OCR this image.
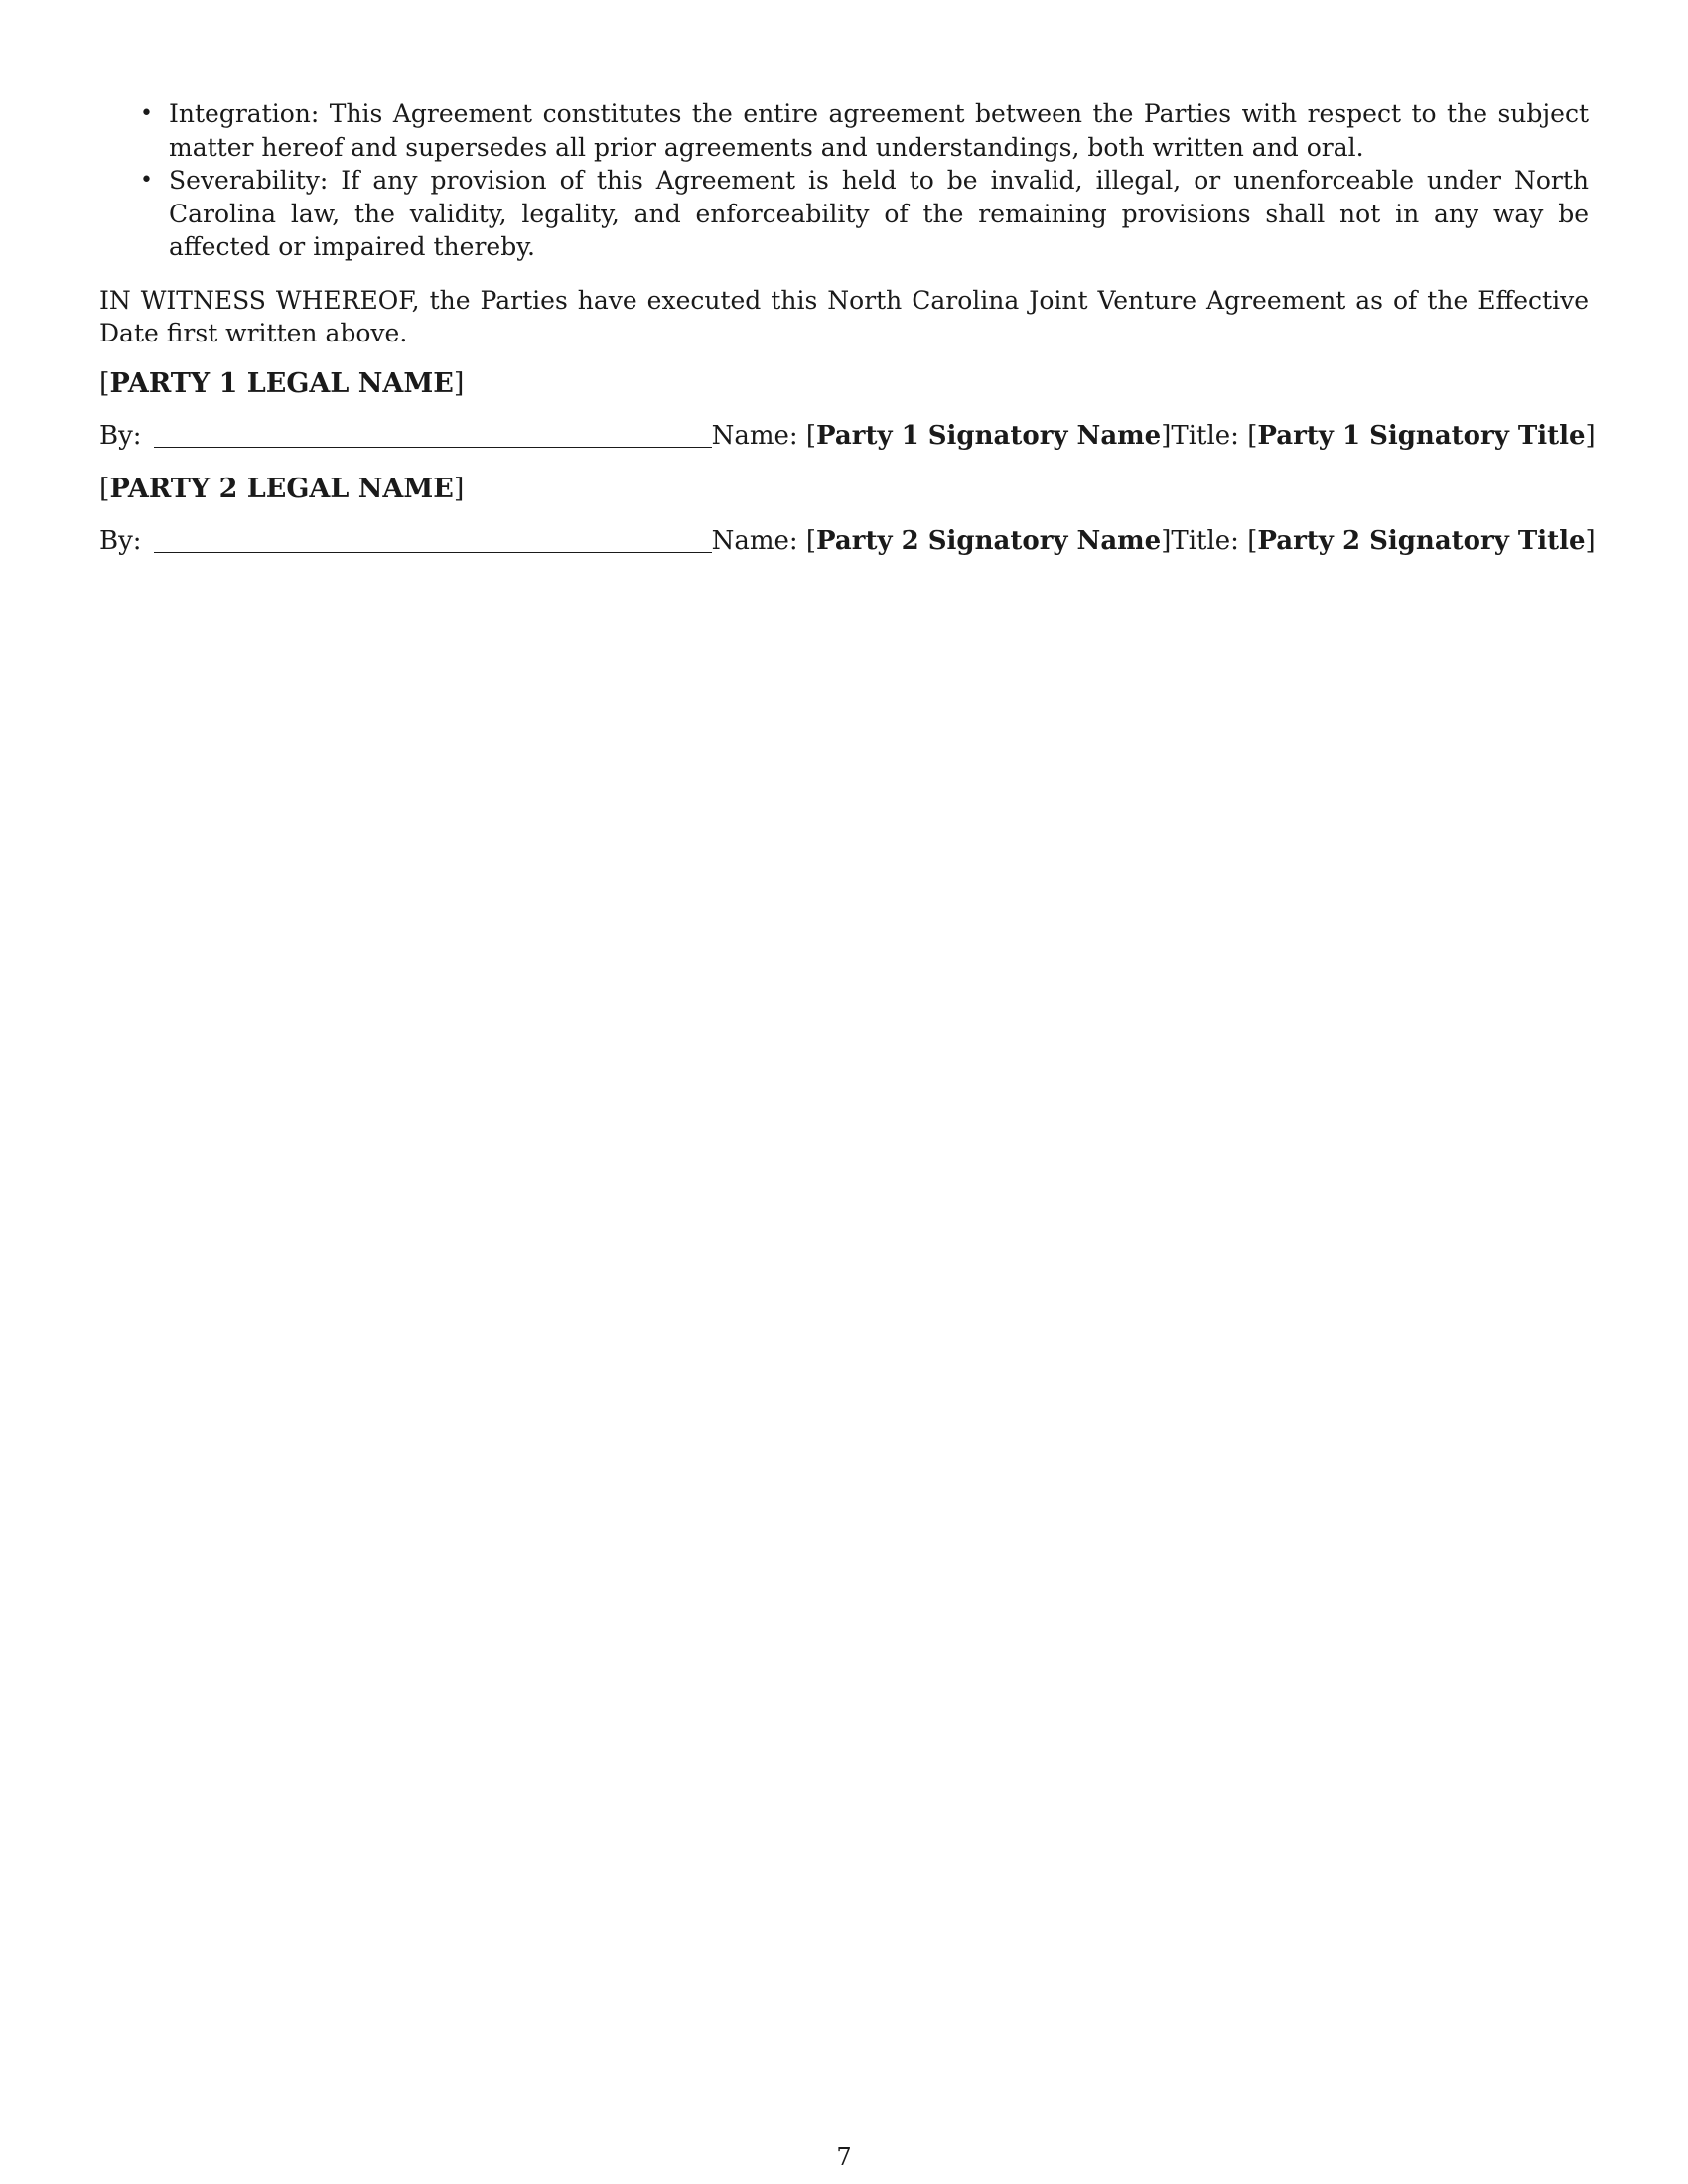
• Integration: This Agreement constitutes the entire agreement between the Parties with respect to the subject matter hereof and supersedes all prior agreements and understandings, both written and oral.
• Severability: If any provision of this Agreement is held to be invalid, illegal, or unenforceable under North Carolina law, the validity, legality, and enforceability of the remaining provisions shall not in any way be affected or impaired thereby.

IN WITNESS WHEREOF, the Parties have executed this North Carolina Joint Venture Agreement as of the Effective Date first written above.

[PARTY 1 LEGAL NAME]
By:	Name: [ Party 1 Signatory Name ] Title: [ Party 1 Signatory Title ]
[PARTY 2 LEGAL NAME]
By:	Name: [ Party 2 Signatory Name ] Title: [ Party 2 Signatory Title ]
7
